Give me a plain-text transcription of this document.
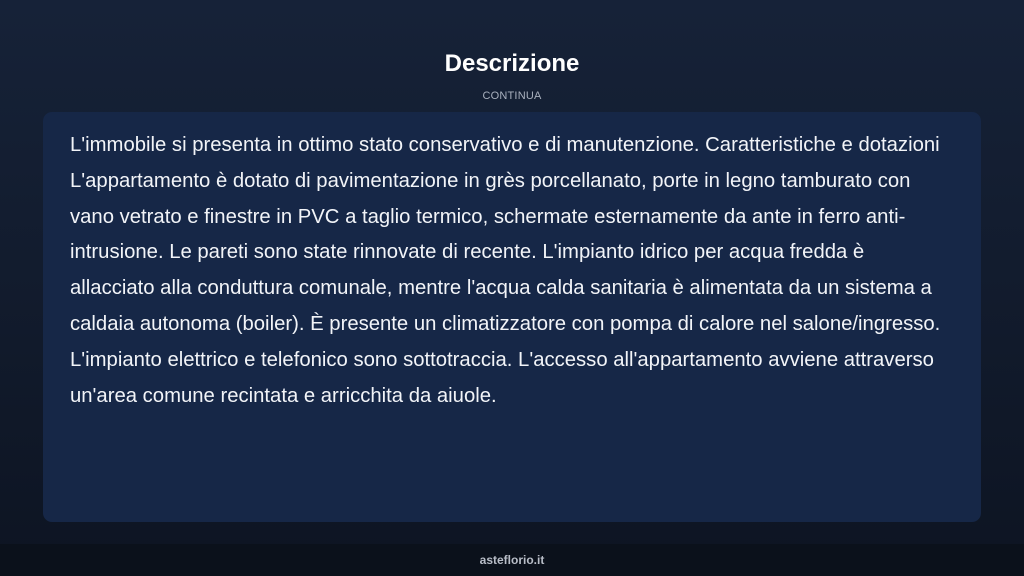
Descrizione
CONTINUA

L'immobile si presenta in ottimo stato conservativo e di manutenzione. Caratteristiche e dotazioni L'appartamento è dotato di pavimentazione in grès porcellanato, porte in legno tamburato con vano vetrato e finestre in PVC a taglio termico, schermate esternamente da ante in ferro anti-intrusione. Le pareti sono state rinnovate di recente. L'impianto idrico per acqua fredda è allacciato alla conduttura comunale, mentre l'acqua calda sanitaria è alimentata da un sistema a caldaia autonoma (boiler). È presente un climatizzatore con pompa di calore nel salone/ingresso. L'impianto elettrico e telefonico sono sottotraccia. L'accesso all'appartamento avviene attraverso un'area comune recintata e arricchita da aiuole.

asteflorio.it
